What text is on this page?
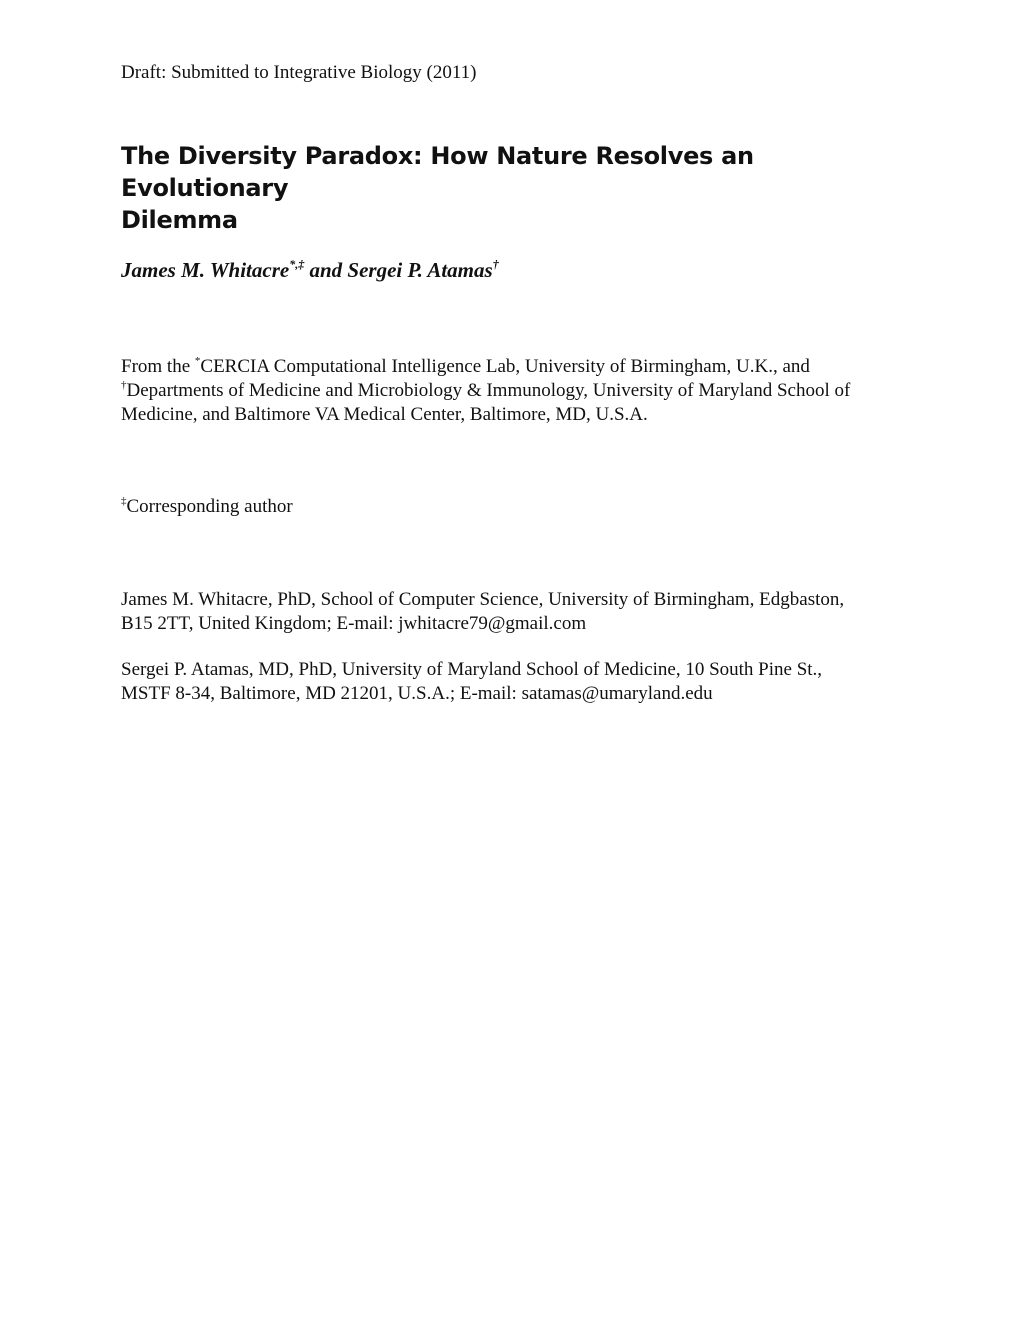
Draft: Submitted to Integrative Biology (2011)
The Diversity Paradox: How Nature Resolves an Evolutionary
Dilemma
James M. Whitacre*,‡ and Sergei P. Atamas†
From the *CERCIA Computational Intelligence Lab, University of Birmingham, U.K., and
†Departments of Medicine and Microbiology & Immunology, University of Maryland School of
Medicine, and Baltimore VA Medical Center, Baltimore, MD, U.S.A.
‡Corresponding author
James M. Whitacre, PhD, School of Computer Science, University of Birmingham, Edgbaston,
B15 2TT, United Kingdom; E-mail: jwhitacre79@gmail.com
Sergei P. Atamas, MD, PhD, University of Maryland School of Medicine, 10 South Pine St.,
MSTF 8-34, Baltimore, MD 21201, U.S.A.; E-mail: satamas@umaryland.edu
